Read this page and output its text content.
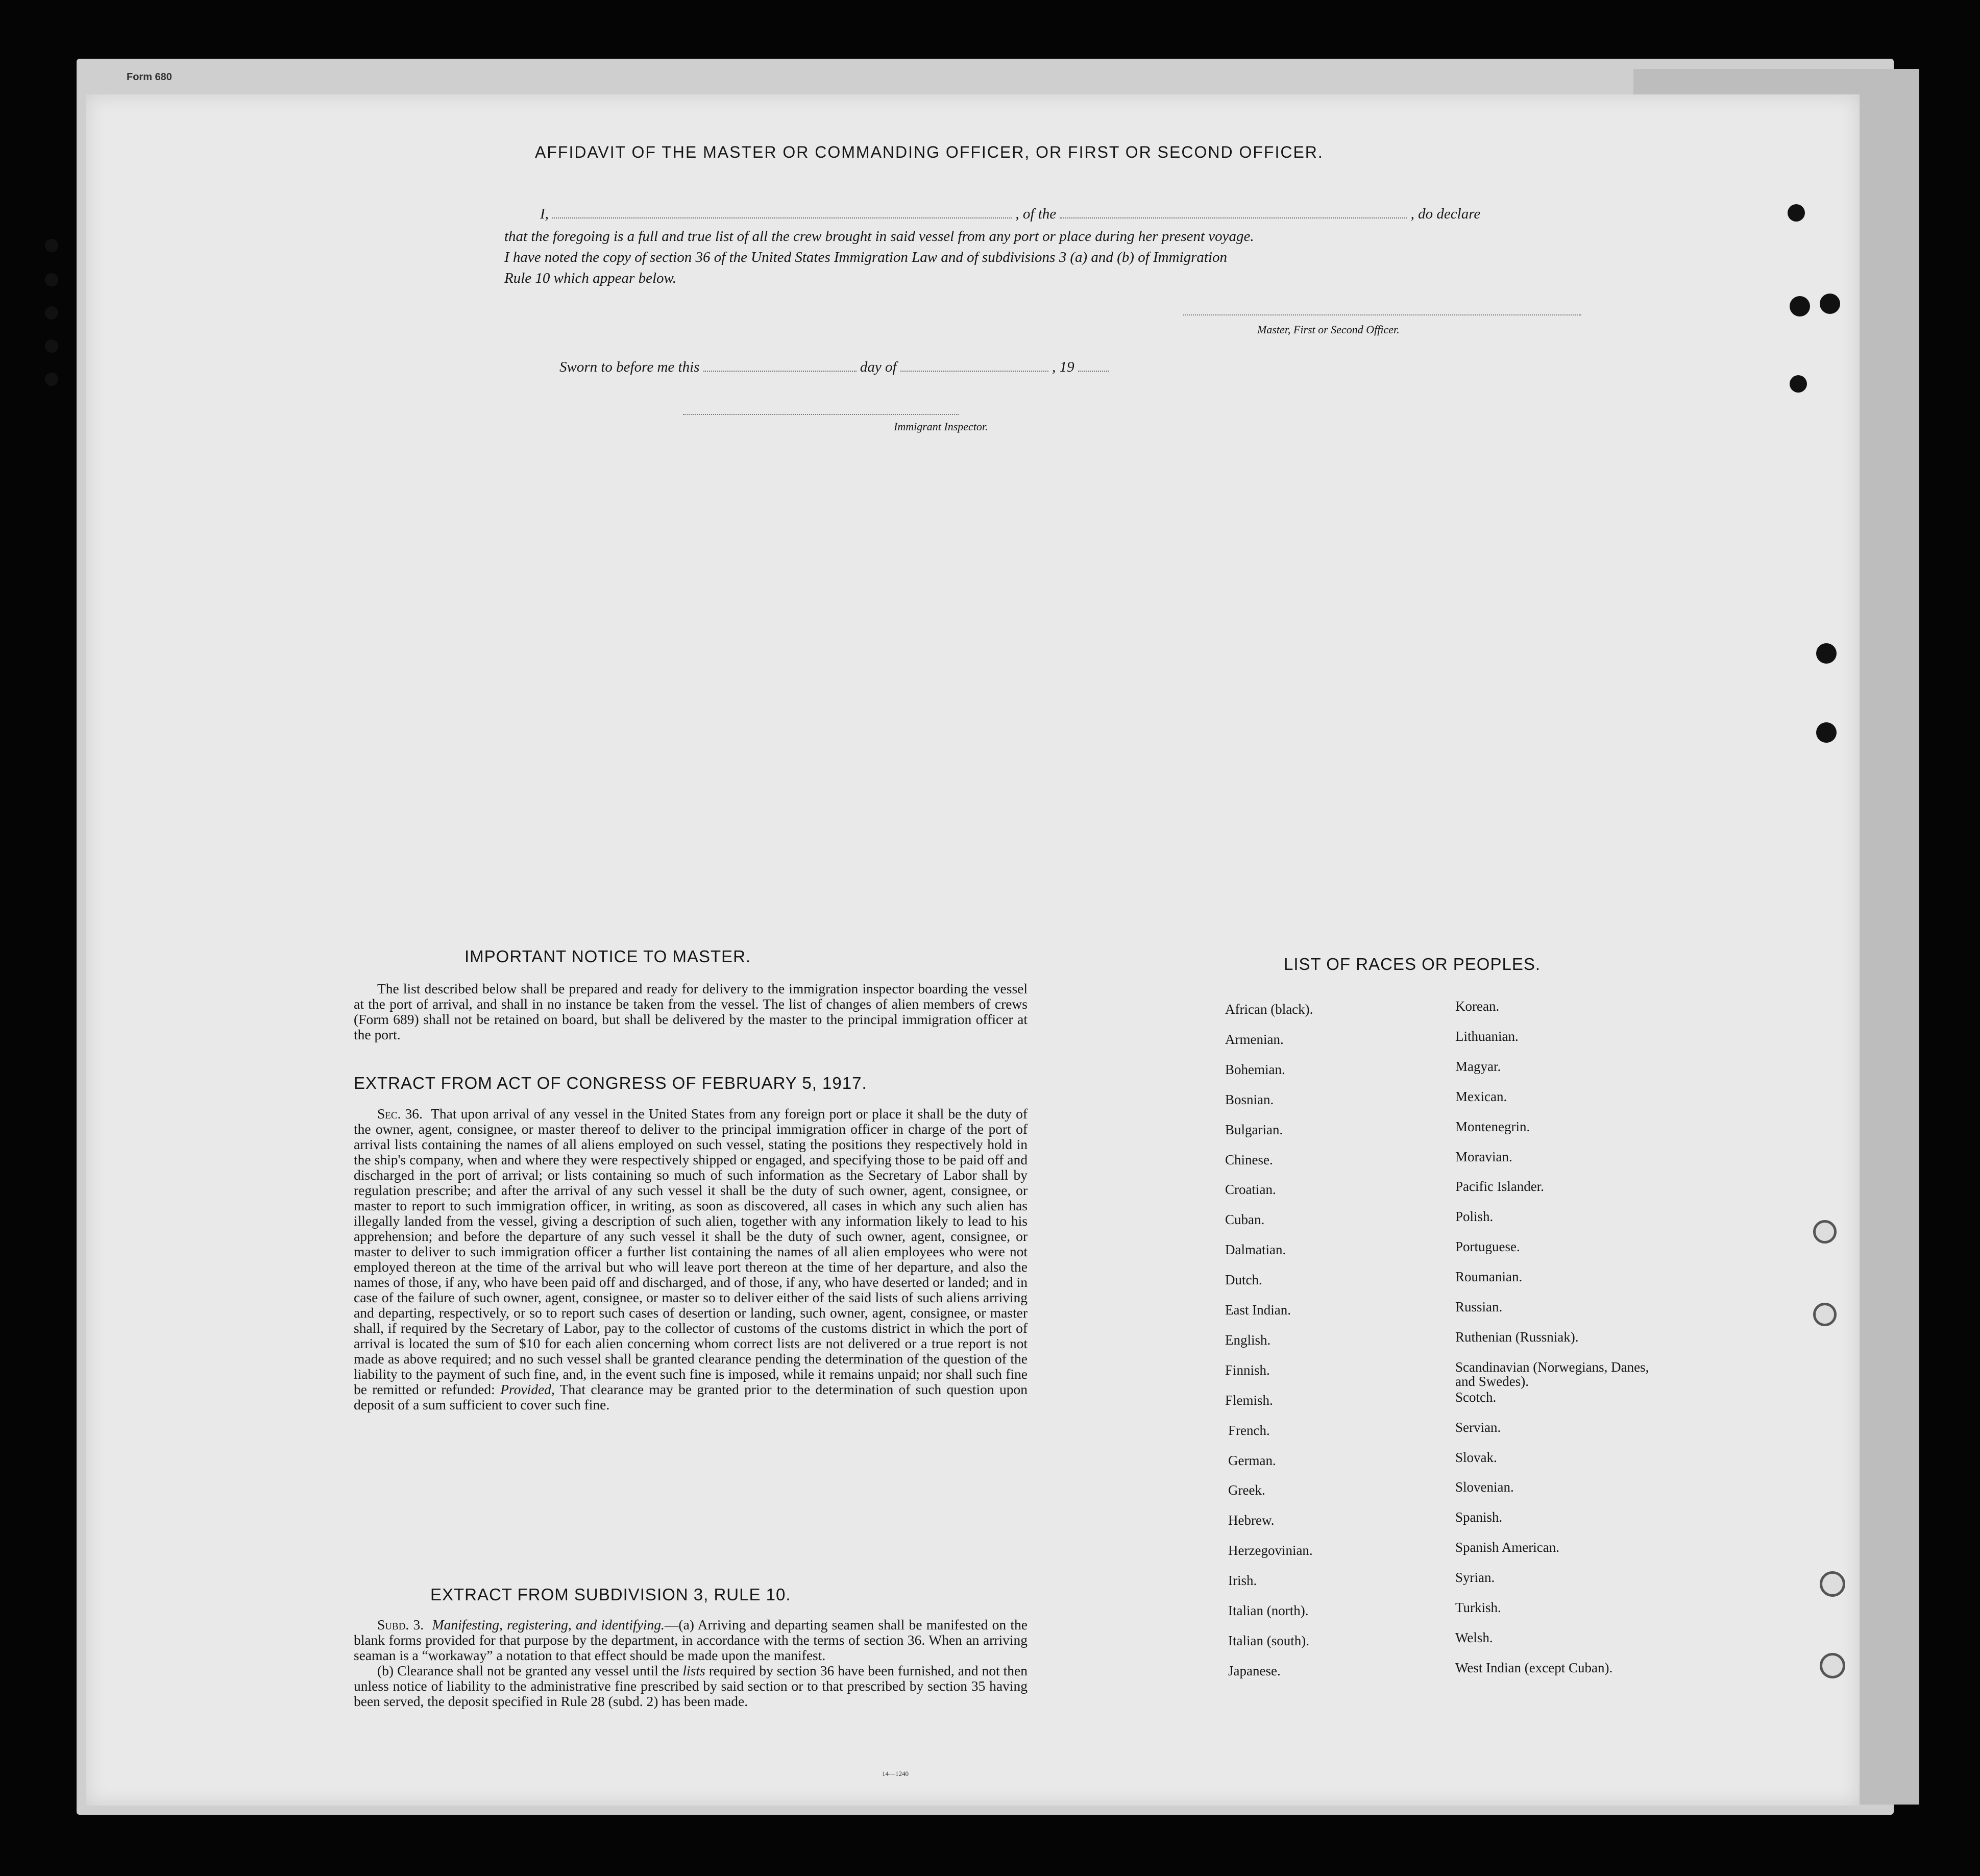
Form 680
AFFIDAVIT OF THE MASTER OR COMMANDING OFFICER, OR FIRST OR SECOND OFFICER.
I,	, of the	, do declare
that the foregoing is a full and true list of all the crew brought in said vessel from any port or place during her present voyage.
I have noted the copy of section 36 of the United States Immigration Law and of subdivisions 3 (a) and (b) of Immigration
Rule 10 which appear below.
Master, First or Second Officer.
Sworn to before me this	day of	, 19
Immigrant Inspector.
IMPORTANT NOTICE TO MASTER.

The list described below shall be prepared and ready for delivery to the immigration inspector boarding the vessel at the port of arrival, and shall in no instance be taken from the vessel. The list of changes of alien members of crews (Form 689) shall not be retained on board, but shall be delivered by the master to the principal immigration officer at the port.

EXTRACT FROM ACT OF CONGRESS OF FEBRUARY 5, 1917.

Sec. 36. That upon arrival of any vessel in the United States from any foreign port or place it shall be the duty of the owner, agent, consignee, or master thereof to deliver to the principal immigration officer in charge of the port of arrival lists containing the names of all aliens employed on such vessel, stating the positions they respectively hold in the ship's company, when and where they were respectively shipped or engaged, and specifying those to be paid off and discharged in the port of arrival; or lists containing so much of such information as the Secretary of Labor shall by regulation prescribe; and after the arrival of any such vessel it shall be the duty of such owner, agent, consignee, or master to report to such immigration officer, in writing, as soon as discovered, all cases in which any such alien has illegally landed from the vessel, giving a description of such alien, together with any information likely to lead to his apprehension; and before the departure of any such vessel it shall be the duty of such owner, agent, consignee, or master to deliver to such immigration officer a further list containing the names of all alien employees who were not employed thereon at the time of the arrival but who will leave port thereon at the time of her departure, and also the names of those, if any, who have been paid off and discharged, and of those, if any, who have deserted or landed; and in case of the failure of such owner, agent, consignee, or master so to deliver either of the said lists of such aliens arriving and departing, respectively, or so to report such cases of desertion or landing, such owner, agent, consignee, or master shall, if required by the Secretary of Labor, pay to the collector of customs of the customs district in which the port of arrival is located the sum of $10 for each alien concerning whom correct lists are not delivered or a true report is not made as above required; and no such vessel shall be granted clearance pending the determination of the question of the liability to the payment of such fine, and, in the event such fine is imposed, while it remains unpaid; nor shall such fine be remitted or refunded: Provided, That clearance may be granted prior to the determination of such question upon deposit of a sum sufficient to cover such fine.

EXTRACT FROM SUBDIVISION 3, RULE 10.

Subd. 3. Manifesting, registering, and identifying.—(a) Arriving and departing seamen shall be manifested on the blank forms provided for that purpose by the department, in accordance with the terms of section 36. When an arriving seaman is a “workaway” a notation to that effect should be made upon the manifest.

(b) Clearance shall not be granted any vessel until the lists required by section 36 have been furnished, and not then unless notice of liability to the administrative fine prescribed by said section or to that prescribed by section 35 having been served, the deposit specified in Rule 28 (subd. 2) has been made.

14—1240
LIST OF RACES OR PEOPLES.
African (black).
Armenian.
Bohemian.
Bosnian.
Bulgarian.
Chinese.
Croatian.
Cuban.
Dalmatian.
Dutch.
East Indian.
English.
Finnish.
Flemish.
French.
German.
Greek.
Hebrew.
Herzegovinian.
Irish.
Italian (north).
Italian (south).
Japanese.
Korean.
Lithuanian.
Magyar.
Mexican.
Montenegrin.
Moravian.
Pacific Islander.
Polish.
Portuguese.
Roumanian.
Russian.
Ruthenian (Russniak).
Scandinavian (Norwegians, Danes, and Swedes).
Scotch.
Servian.
Slovak.
Slovenian.
Spanish.
Spanish American.
Syrian.
Turkish.
Welsh.
West Indian (except Cuban).
